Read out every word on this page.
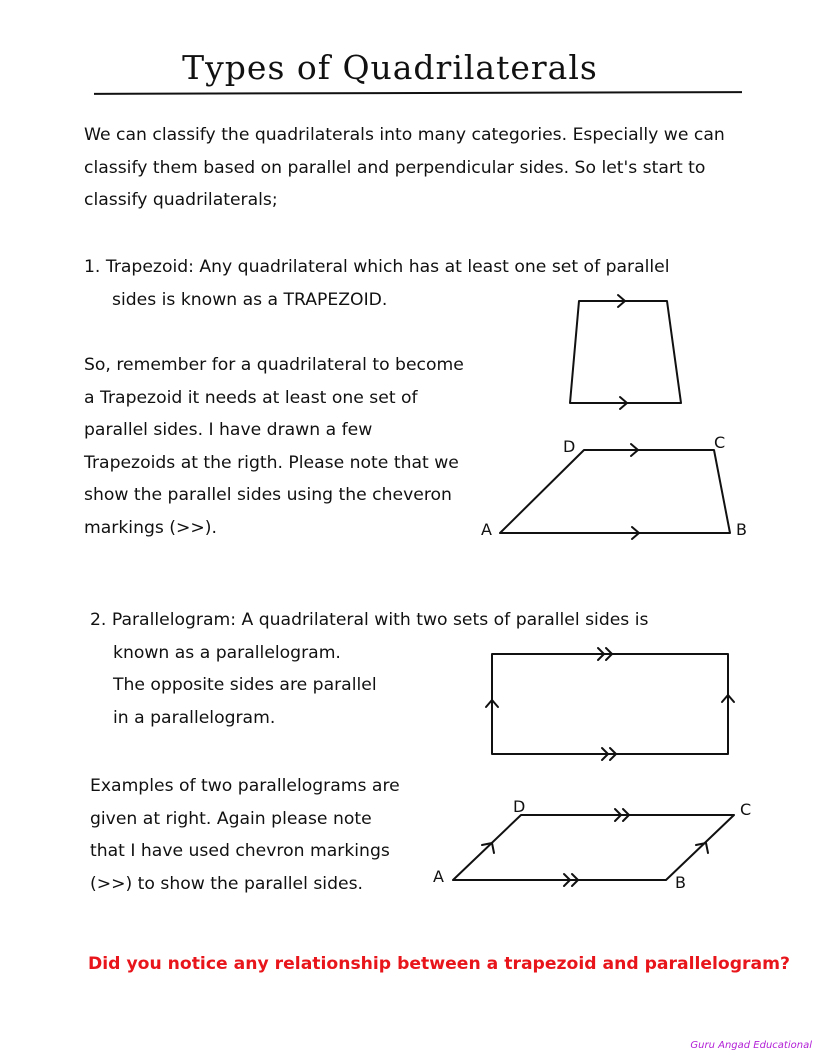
Types of Quadrilaterals

We can classify the quadrilaterals into many categories. Especially we can classify them based on parallel and perpendicular sides. So let's start to classify quadrilaterals;

1. Trapezoid: Any quadrilateral which has at least one set of parallel
sides is known as a TRAPEZOID.

So, remember for a quadrilateral to become a Trapezoid it needs at least one set of parallel sides. I have drawn a few Trapezoids at the rigth. Please note that we show the parallel sides using the cheveron markings (>>).

2. Parallelogram: A quadrilateral with two sets of parallel sides is
known as a parallelogram.
The opposite sides are parallel
in a parallelogram.

Examples of two parallelograms are given at right. Again please note that I have used chevron markings (>>) to show the parallel sides.

Did you notice any relationship between a trapezoid and parallelogram?
Guru Angad Educational
D	C
A	B
D	C
A	B
